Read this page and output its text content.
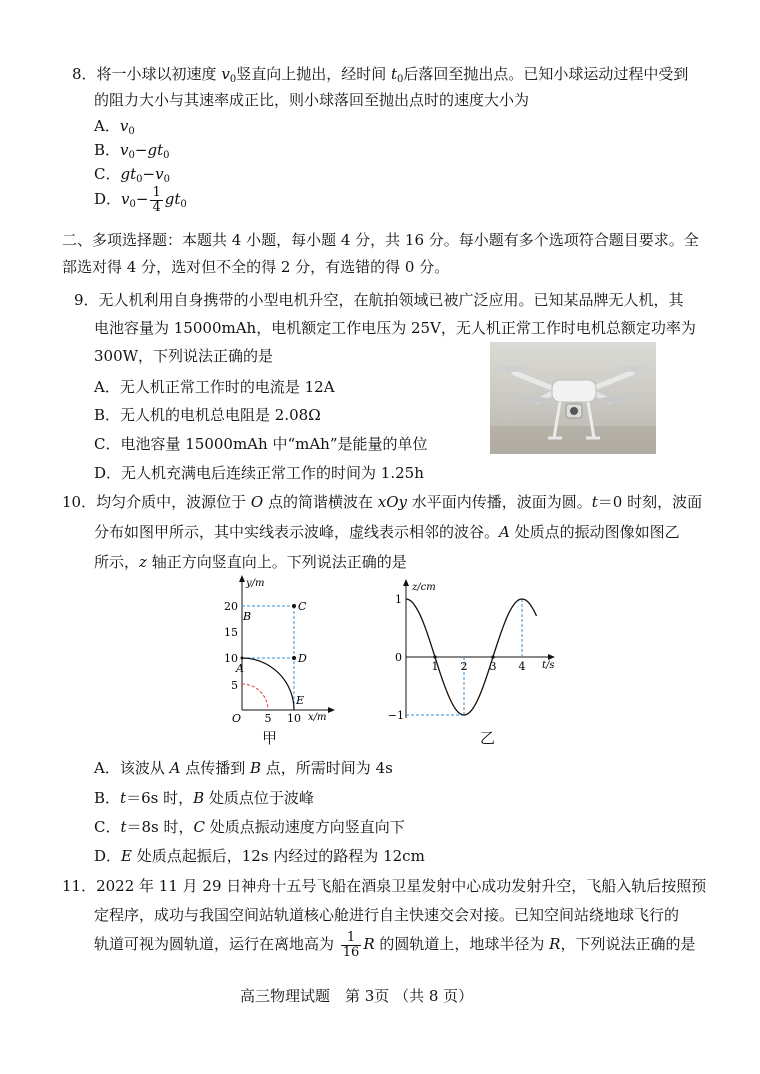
8．将一小球以初速度 $v_0$竖直向上抛出，经时间 $t_0$后落回至抛出点。已知小球运动过程中受到
的阻力大小与其速率成正比，则小球落回至抛出点时的速度大小为
A．$v_0$
B．$v_0-gt_0$
C．$gt_0-v_0$
D．$v_0- \frac{1}{4} gt_0$
二、多项选择题：本题共 4 小题，每小题 4 分，共 16 分。每小题有多个选项符合题目要求。全
部选对得 4 分，选对但不全的得 2 分，有选错的得 0 分。
9．无人机利用自身携带的小型电机升空，在航拍领域已被广泛应用。已知某品牌无人机，其
电池容量为 15000mAh，电机额定工作电压为 25V，无人机正常工作时电机总额定功率为
300W，下列说法正确的是
A．无人机正常工作时的电流是 12A
B．无人机的电机总电阻是 2.08Ω
C．电池容量 15000mAh 中“mAh”是能量的单位
D．无人机充满电后连续正常工作的时间为 1.25h
10．均匀介质中，波源位于 O 点的简谐横波在 xOy 水平面内传播，波面为圆。t＝0 时刻，波面
分布如图甲所示，其中实线表示波峰，虚线表示相邻的波谷。A 处质点的振动图像如图乙
所示，z 轴正方向竖直向上。下列说法正确的是
5
10
15
20
5 10
O
y/m
x/m
A
B
C
D
E
甲
1
−1
0
1 2 3 4
z/cm
t/s
乙
A．该波从 A 点传播到 B 点，所需时间为 4s
B．t＝6s 时，B 处质点位于波峰
C．t＝8s 时，C 处质点振动速度方向竖直向下
D．E 处质点起振后，12s 内经过的路程为 12cm
11．2022 年 11 月 29 日神舟十五号飞船在酒泉卫星发射中心成功发射升空，飞船入轨后按照预
定程序，成功与我国空间站轨道核心舱进行自主快速交会对接。已知空间站绕地球飞行的
轨道可视为圆轨道，运行在离地高为 $\frac{1}{16}$ R 的圆轨道上，地球半径为 R，下列说法正确的是
高三物理试题　第 3页 （共 8 页）
